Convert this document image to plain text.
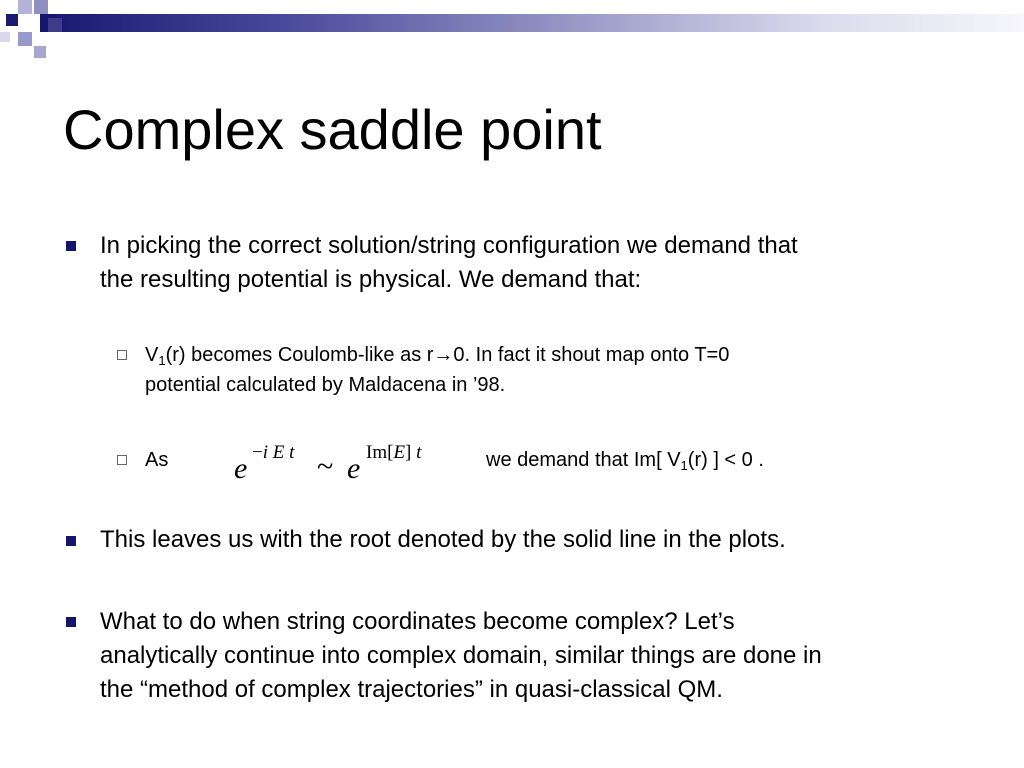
Complex saddle point
In picking the correct solution/string configuration we demand that
the resulting potential is physical. We demand that:
$V_1(r)$ becomes Coulomb-like as r→0. In fact it shout map onto T=0
potential calculated by Maldacena in ’98.
As	e −i E t ~ e Im[E] t	we demand that Im[ $V_1(r)$ ] < 0 .
This leaves us with the root denoted by the solid line in the plots.
What to do when string coordinates become complex? Let’s
analytically continue into complex domain, similar things are done in
the “method of complex trajectories” in quasi-classical QM.
